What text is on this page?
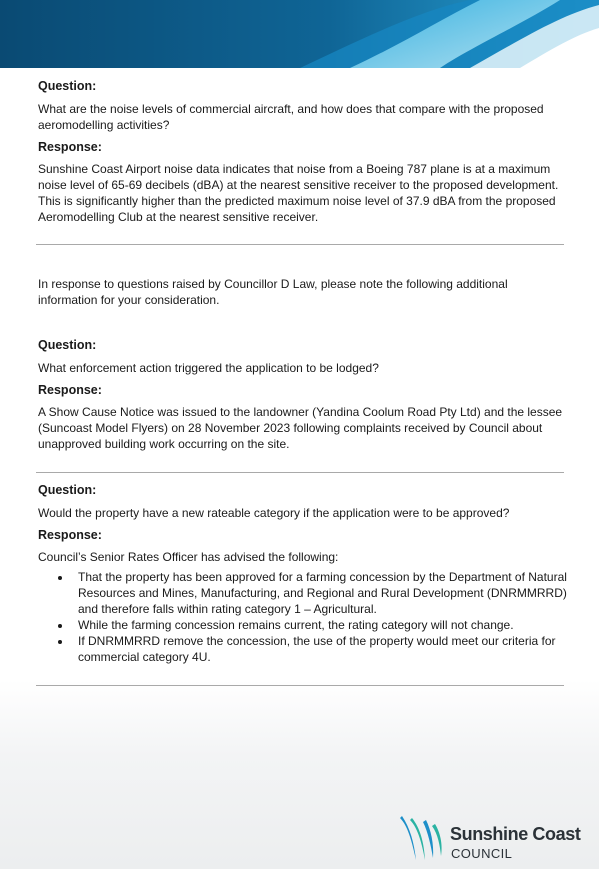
Question:

What are the noise levels of commercial aircraft, and how does that compare with the proposed aeromodelling activities?

Response:

Sunshine Coast Airport noise data indicates that noise from a Boeing 787 plane is at a maximum noise level of 65-69 decibels (dBA) at the nearest sensitive receiver to the proposed development. This is significantly higher than the predicted maximum noise level of 37.9 dBA from the proposed Aeromodelling Club at the nearest sensitive receiver.

In response to questions raised by Councillor D Law, please note the following additional information for your consideration.

Question:

What enforcement action triggered the application to be lodged?

Response:

A Show Cause Notice was issued to the landowner (Yandina Coolum Road Pty Ltd) and the lessee (Suncoast Model Flyers) on 28 November 2023 following complaints received by Council about unapproved building work occurring on the site.

Question:

Would the property have a new rateable category if the application were to be approved?

Response:

Council’s Senior Rates Officer has advised the following:

• That the property has been approved for a farming concession by the Department of Natural Resources and Mines, Manufacturing, and Regional and Rural Development (DNRMMRRD) and therefore falls within rating category 1 – Agricultural.
• While the farming concession remains current, the rating category will not change.
• If DNRMMRRD remove the concession, the use of the property would meet our criteria for commercial category 4U.
Sunshine Coast
COUNCIL
